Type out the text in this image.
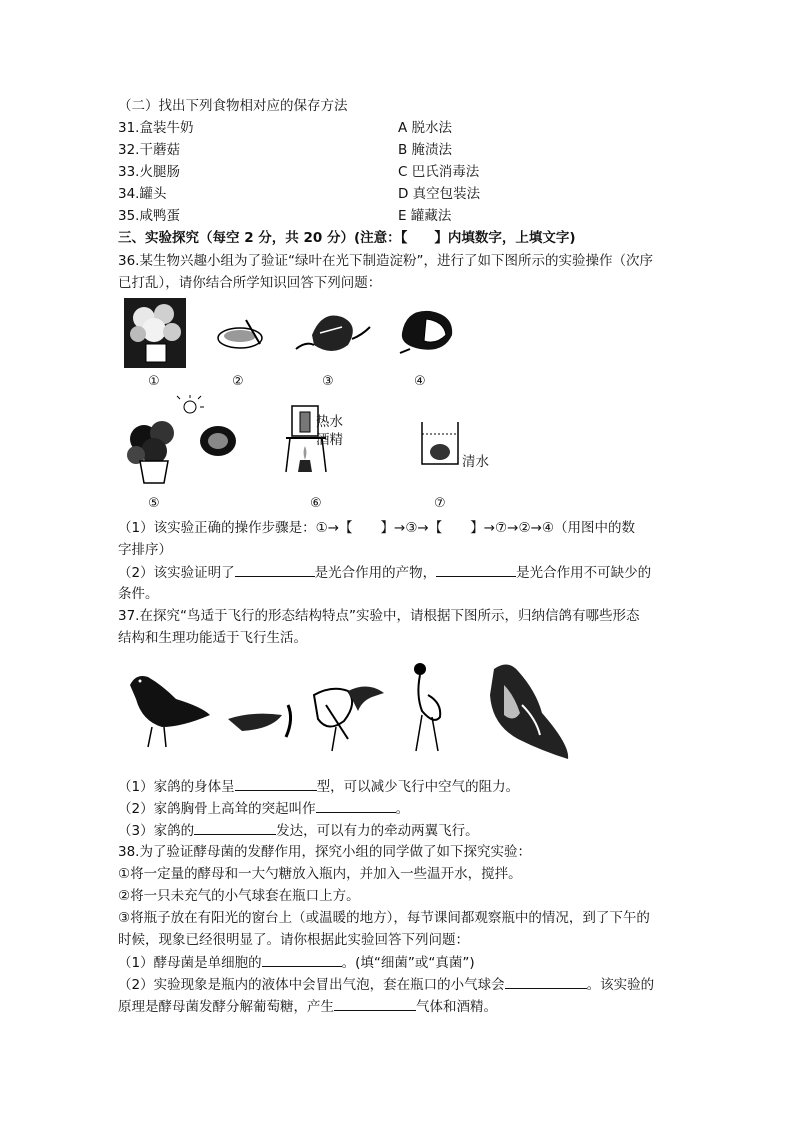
（二）找出下列食物相对应的保存方法
31.盒装牛奶	A 脱水法
32.干蘑菇	B 腌渍法
33.火腿肠	C 巴氏消毒法
34.罐头	D 真空包装法
35.咸鸭蛋	E 罐藏法
三、实验探究（每空 2 分，共 20 分）(注意：【　　】内填数字，上填文字)
36.某生物兴趣小组为了验证“绿叶在光下制造淀粉”，进行了如下图所示的实验操作（次序
已打乱），请你结合所学知识回答下列问题：
①	②	③	④
热水
酒精
清水
⑤	⑥	⑦
（1）该实验正确的操作步骤是：①→【 】→③→【 】→⑦→②→④（用图中的数
字排序）
（2）该实验证明了	是光合作用的产物，	是光合作用不可缺少的
条件。
37.在探究“鸟适于飞行的形态结构特点”实验中，请根据下图所示，归纳信鸽有哪些形态
结构和生理功能适于飞行生活。
（1）家鸽的身体呈	型，可以减少飞行中空气的阻力。
（2）家鸽胸骨上高耸的突起叫作	。
（3）家鸽的	发达，可以有力的牵动两翼飞行。
38.为了验证酵母菌的发酵作用，探究小组的同学做了如下探究实验：
①将一定量的酵母和一大勺糖放入瓶内，并加入一些温开水，搅拌。
②将一只未充气的小气球套在瓶口上方。
③将瓶子放在有阳光的窗台上（或温暖的地方），每节课间都观察瓶中的情况，到了下午的
时候，现象已经很明显了。请你根据此实验回答下列问题：
（1）酵母菌是单细胞的	。(填“细菌”或“真菌”)
（2）实验现象是瓶内的液体中会冒出气泡，套在瓶口的小气球会	。该实验的
原理是酵母菌发酵分解葡萄糖，产生	气体和酒精。
